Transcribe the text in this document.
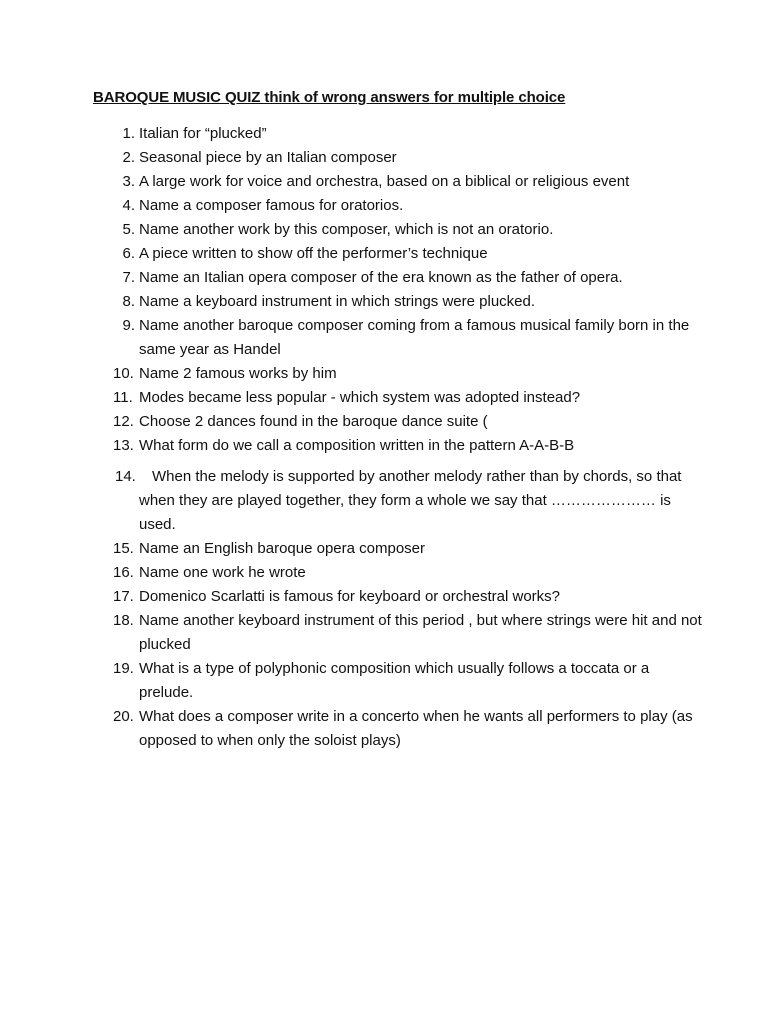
BAROQUE MUSIC QUIZ think of wrong answers for multiple choice
1. Italian for “plucked”
2. Seasonal piece by an Italian composer
3. A large work for voice and orchestra, based on a biblical or religious event
4. Name a composer famous for oratorios.
5. Name another work by this composer, which is not an oratorio.
6. A piece written to show off the performer’s technique
7. Name an Italian opera composer of the era known as the father of opera.
8. Name a keyboard instrument in which strings were plucked.
9. Name another baroque composer coming from a famous musical family born in the same year as Handel
10. Name 2 famous works by him
11. Modes became less popular - which system was adopted instead?
12. Choose 2 dances found in the baroque dance suite (
13. What form do we call a composition written in the pattern A-A-B-B
14. When the melody is supported by another melody rather than by chords, so that when they are played together, they form a whole we say that ………………… is used.
15. Name an English baroque opera composer
16. Name one work he wrote
17. Domenico Scarlatti is famous for keyboard or orchestral works?
18. Name another keyboard instrument of this period , but where strings were hit and not plucked
19. What is a type of polyphonic composition which usually follows a toccata or a prelude.
20. What does a composer write in a concerto when he wants all performers to play (as opposed to when only the soloist plays)
